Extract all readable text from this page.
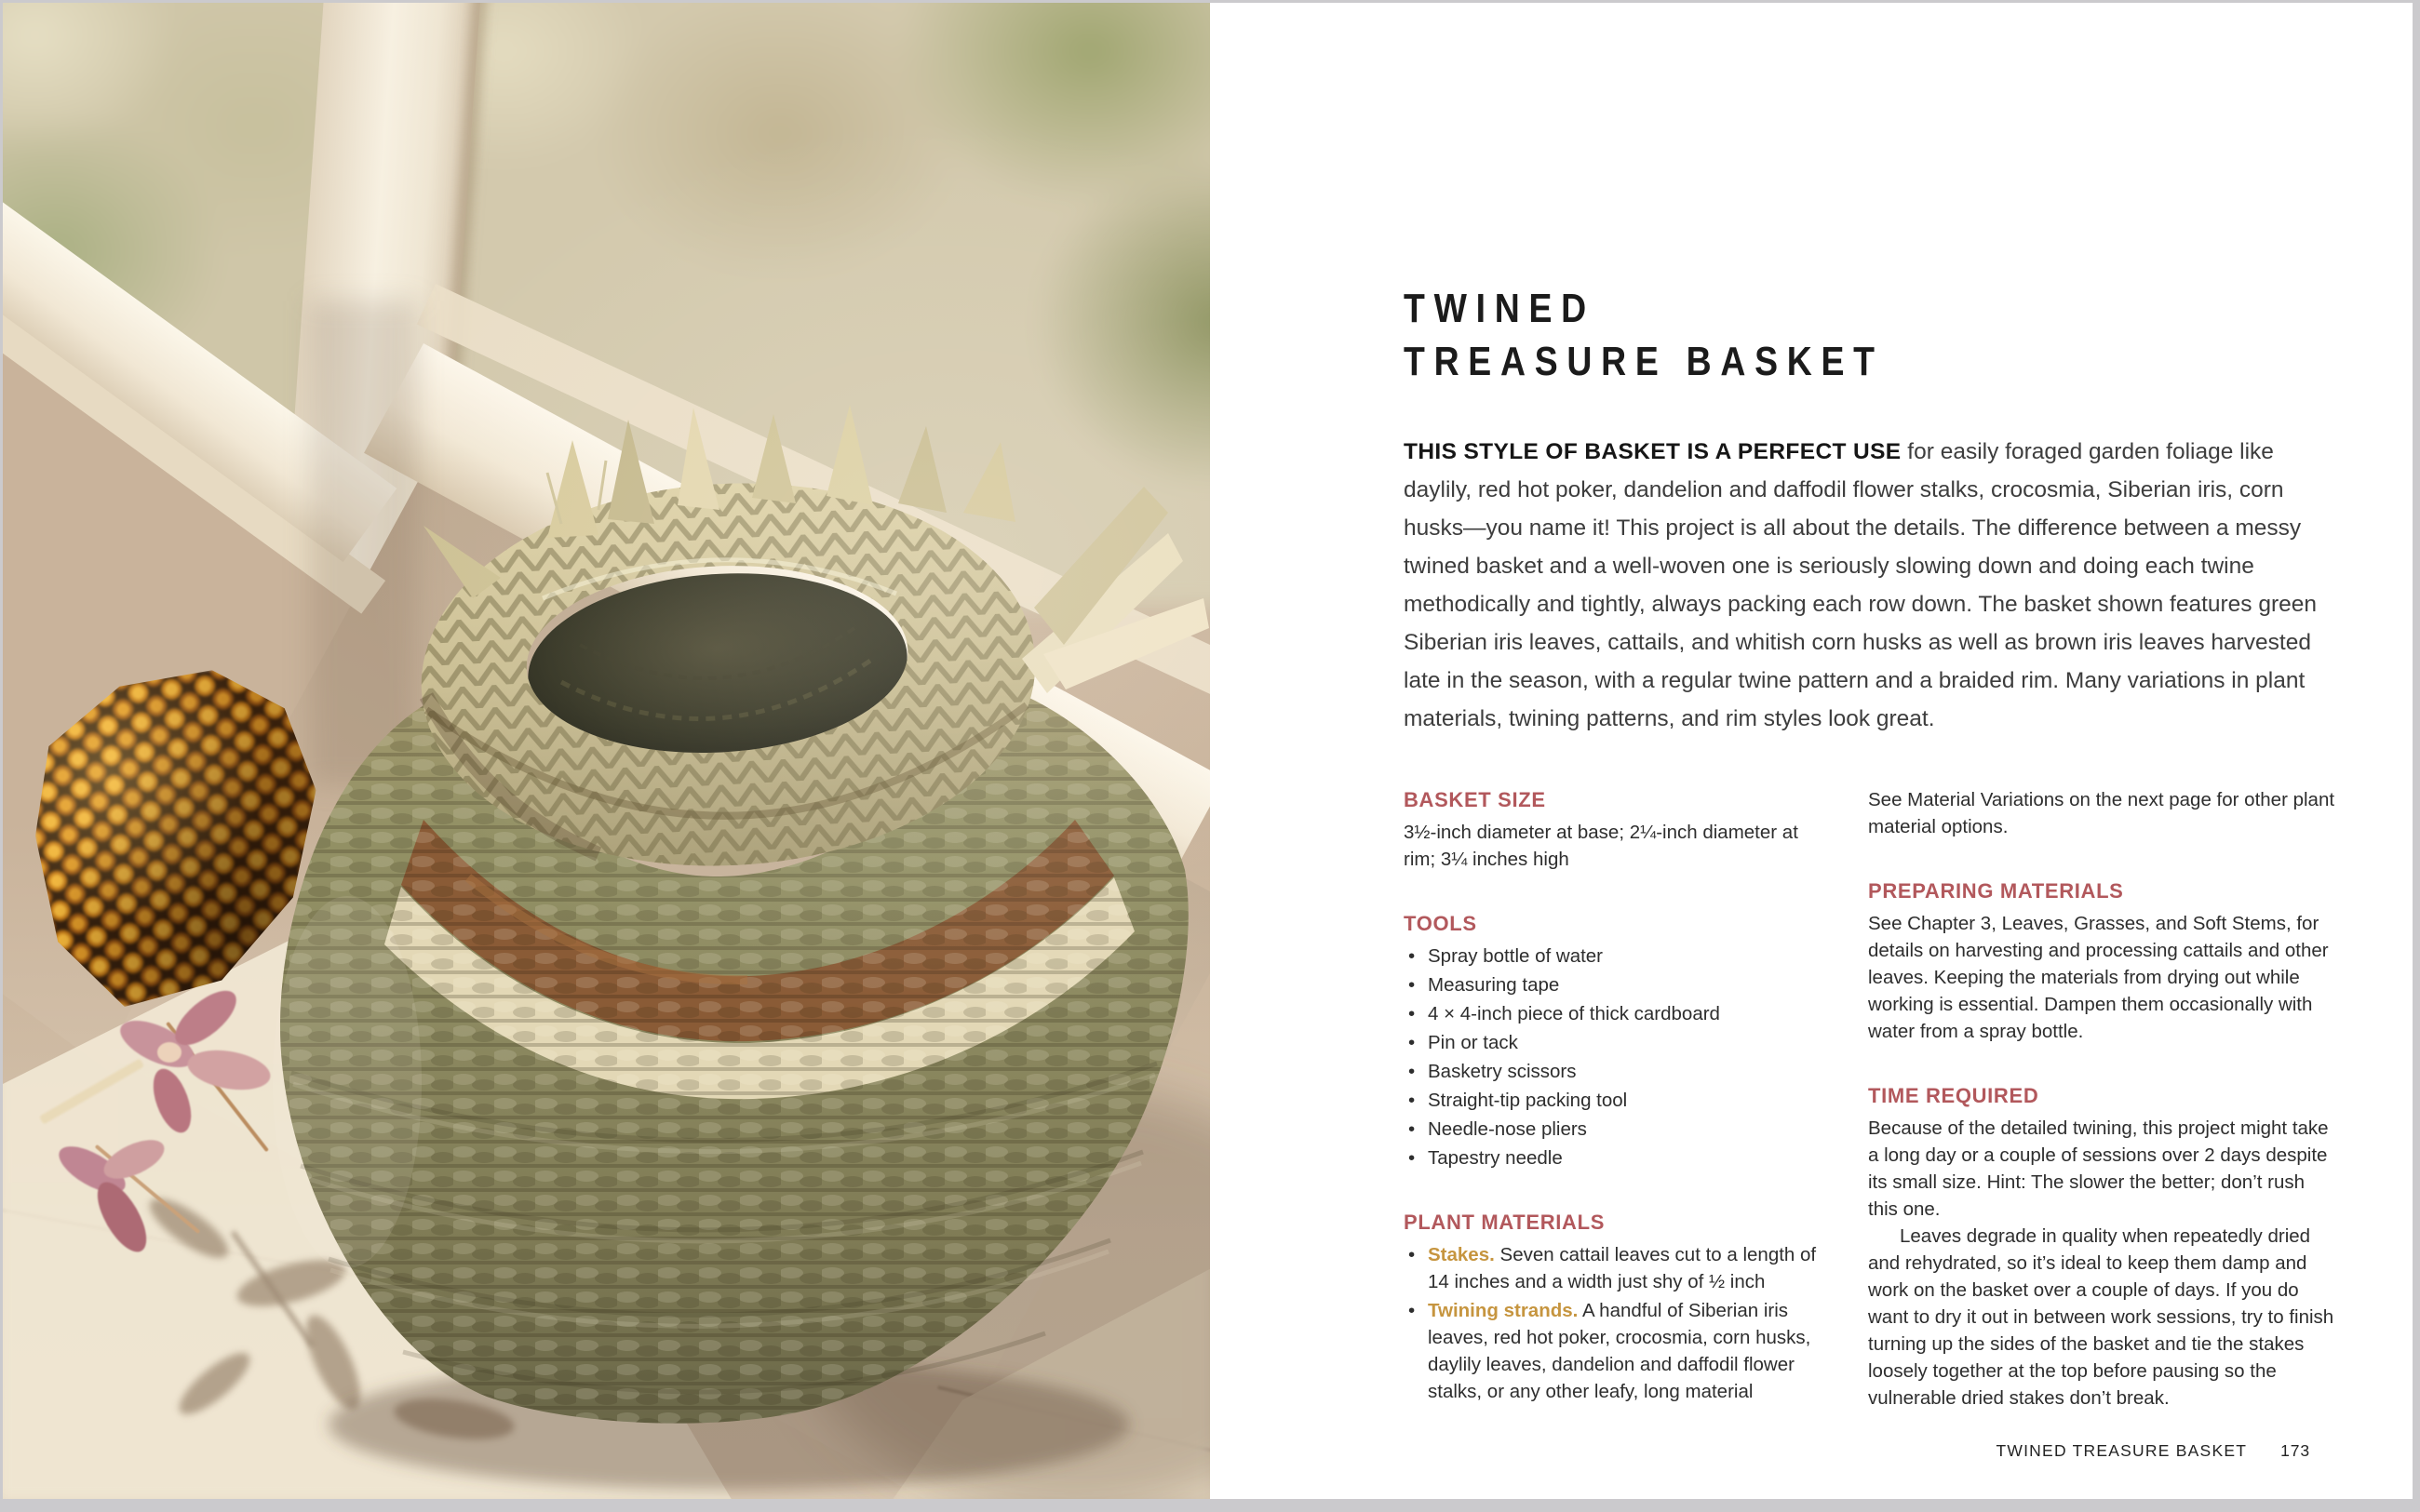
TWINED
TREASURE BASKET
THIS STYLE OF BASKET IS A PERFECT USE for easily foraged garden foliage like daylily, red hot poker, dandelion and daffodil flower stalks, crocosmia, Siberian iris, corn husks—you name it! This project is all about the details. The difference between a messy twined basket and a well-woven one is seriously slowing down and doing each twine methodically and tightly, always packing each row down. The basket shown features green Siberian iris leaves, cattails, and whitish corn husks as well as brown iris leaves harvested late in the season, with a regular twine pattern and a braided rim. Many variations in plant materials, twining patterns, and rim styles look great.
BASKET SIZE

3½-inch diameter at base; 2¼-inch diameter at rim; 3¼ inches high

TOOLS
• Spray bottle of water
• Measuring tape
• 4 × 4-inch piece of thick cardboard
• Pin or tack
• Basketry scissors
• Straight-tip packing tool
• Needle-nose pliers
• Tapestry needle
PLANT MATERIALS
• Stakes. Seven cattail leaves cut to a length of 14 inches and a width just shy of ½ inch
• Twining strands. A handful of Siberian iris leaves, red hot poker, crocosmia, corn husks, daylily leaves, dandelion and daffodil flower stalks, or any other leafy, long material

See Material Variations on the next page for other plant material options.

PREPARING MATERIALS

See Chapter 3, Leaves, Grasses, and Soft Stems, for details on harvesting and processing cattails and other leaves. Keeping the materials from drying out while working is essential. Dampen them occasionally with water from a spray bottle.

TIME REQUIRED

Because of the detailed twining, this project might take a long day or a couple of sessions over 2 days despite its small size. Hint: The slower the better; don’t rush this one.

Leaves degrade in quality when repeatedly dried and rehydrated, so it’s ideal to keep them damp and work on the basket over a couple of days. If you do want to dry it out in between work sessions, try to finish turning up the sides of the basket and tie the stakes loosely together at the top before pausing so the vulnerable dried stakes don’t break.

TWINED TREASURE BASKET 173
